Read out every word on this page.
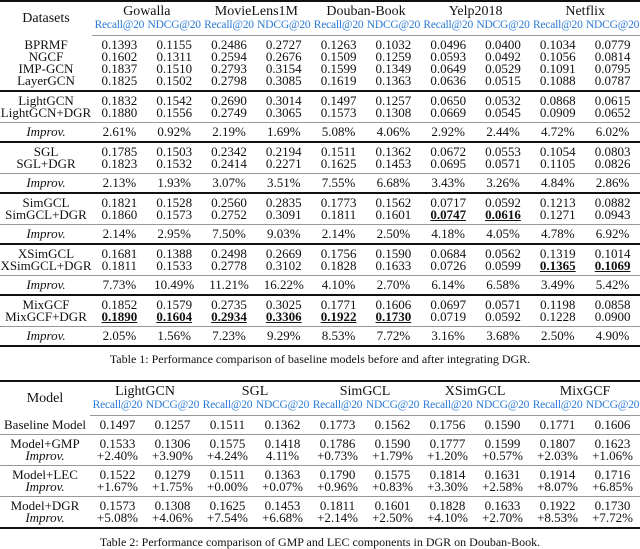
Datasets	Gowalla		MovieLens1M		Douban-Book		Yelp2018		Netflix	
	Recall@20	NDCG@20	Recall@20	NDCG@20	Recall@20	NDCG@20	Recall@20	NDCG@20	Recall@20	NDCG@20
BPRMF	0.1393	0.1155	0.2486	0.2727	0.1263	0.1032	0.0496	0.0400	0.1034	0.0779
NGCF	0.1602	0.1311	0.2594	0.2676	0.1509	0.1259	0.0593	0.0492	0.1056	0.0814
IMP-GCN	0.1837	0.1510	0.2793	0.3154	0.1599	0.1349	0.0649	0.0529	0.1091	0.0795
LayerGCN	0.1825	0.1502	0.2798	0.3085	0.1619	0.1363	0.0636	0.0515	0.1088	0.0787
LightGCN	0.1832	0.1542	0.2690	0.3014	0.1497	0.1257	0.0650	0.0532	0.0868	0.0615
LightGCN+DGR	0.1880	0.1556	0.2749	0.3065	0.1573	0.1308	0.0669	0.0545	0.0909	0.0652
Improv.	2.61%	0.92%	2.19%	1.69%	5.08%	4.06%	2.92%	2.44%	4.72%	6.02%
SGL	0.1785	0.1503	0.2342	0.2194	0.1511	0.1362	0.0672	0.0553	0.1054	0.0803
SGL+DGR	0.1823	0.1532	0.2414	0.2271	0.1625	0.1453	0.0695	0.0571	0.1105	0.0826
Improv.	2.13%	1.93%	3.07%	3.51%	7.55%	6.68%	3.43%	3.26%	4.84%	2.86%
SimGCL	0.1821	0.1528	0.2560	0.2835	0.1773	0.1562	0.0717	0.0592	0.1213	0.0882
SimGCL+DGR	0.1860	0.1573	0.2752	0.3091	0.1811	0.1601	0.0747	0.0616	0.1271	0.0943
Improv.	2.14%	2.95%	7.50%	9.03%	2.14%	2.50%	4.18%	4.05%	4.78%	6.92%
XSimGCL	0.1681	0.1388	0.2498	0.2669	0.1756	0.1590	0.0684	0.0562	0.1319	0.1014
XSimGCL+DGR	0.1811	0.1533	0.2778	0.3102	0.1828	0.1633	0.0726	0.0599	0.1365	0.1069
Improv.	7.73%	10.49%	11.21%	16.22%	4.10%	2.70%	6.14%	6.58%	3.49%	5.42%
MixGCF	0.1852	0.1579	0.2735	0.3025	0.1771	0.1606	0.0697	0.0571	0.1198	0.0858
MixGCF+DGR	0.1890	0.1604	0.2934	0.3306	0.1922	0.1730	0.0719	0.0592	0.1228	0.0900
Improv.	2.05%	1.56%	7.23%	9.29%	8.53%	7.72%	3.16%	3.68%	2.50%	4.90%
Table 1: Performance comparison of baseline models before and after integrating DGR.
Model	LightGCN		SGL		SimGCL		XSimGCL		MixGCF	
	Recall@20	NDCG@20	Recall@20	NDCG@20	Recall@20	NDCG@20	Recall@20	NDCG@20	Recall@20	NDCG@20
Baseline Model	0.1497	0.1257	0.1511	0.1362	0.1773	0.1562	0.1756	0.1590	0.1771	0.1606
Model+GMP	0.1533	0.1306	0.1575	0.1418	0.1786	0.1590	0.1777	0.1599	0.1807	0.1623
Improv.	+2.40%	+3.90%	+4.24%	4.11%	+0.73%	+1.79%	+1.20%	+0.57%	+2.03%	+1.06%
Model+LEC	0.1522	0.1279	0.1511	0.1363	0.1790	0.1575	0.1814	0.1631	0.1914	0.1716
Improv.	+1.67%	+1.75%	+0.00%	+0.07%	+0.96%	+0.83%	+3.30%	+2.58%	+8.07%	+6.85%
Model+DGR	0.1573	0.1308	0.1625	0.1453	0.1811	0.1601	0.1828	0.1633	0.1922	0.1730
Improv.	+5.08%	+4.06%	+7.54%	+6.68%	+2.14%	+2.50%	+4.10%	+2.70%	+8.53%	+7.72%
Table 2: Performance comparison of GMP and LEC components in DGR on Douban-Book.
